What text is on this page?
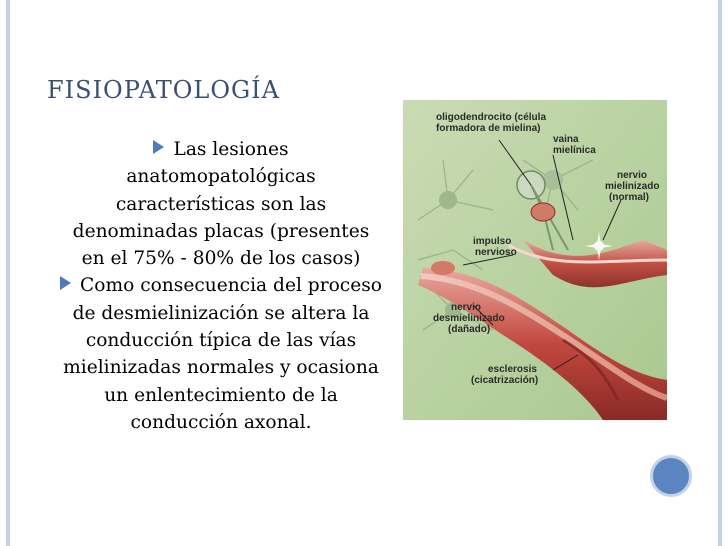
FISIOPATOLOGÍA

Las lesiones anatomopatológicas características son las denominadas placas (presentes en el 75% - 80% de los casos)

Como consecuencia del proceso de desmielinización se altera la conducción típica de las vías mielinizadas normales y ocasiona un enlentecimiento de la conducción axonal.

oligodendrocito (célula
formadora de mielina)
vaina
mielínica
nervio
mielinizado
(normal)
impulso
nervioso
nervio
desmielinizado
(dañado)
esclerosis
(cicatrización)
